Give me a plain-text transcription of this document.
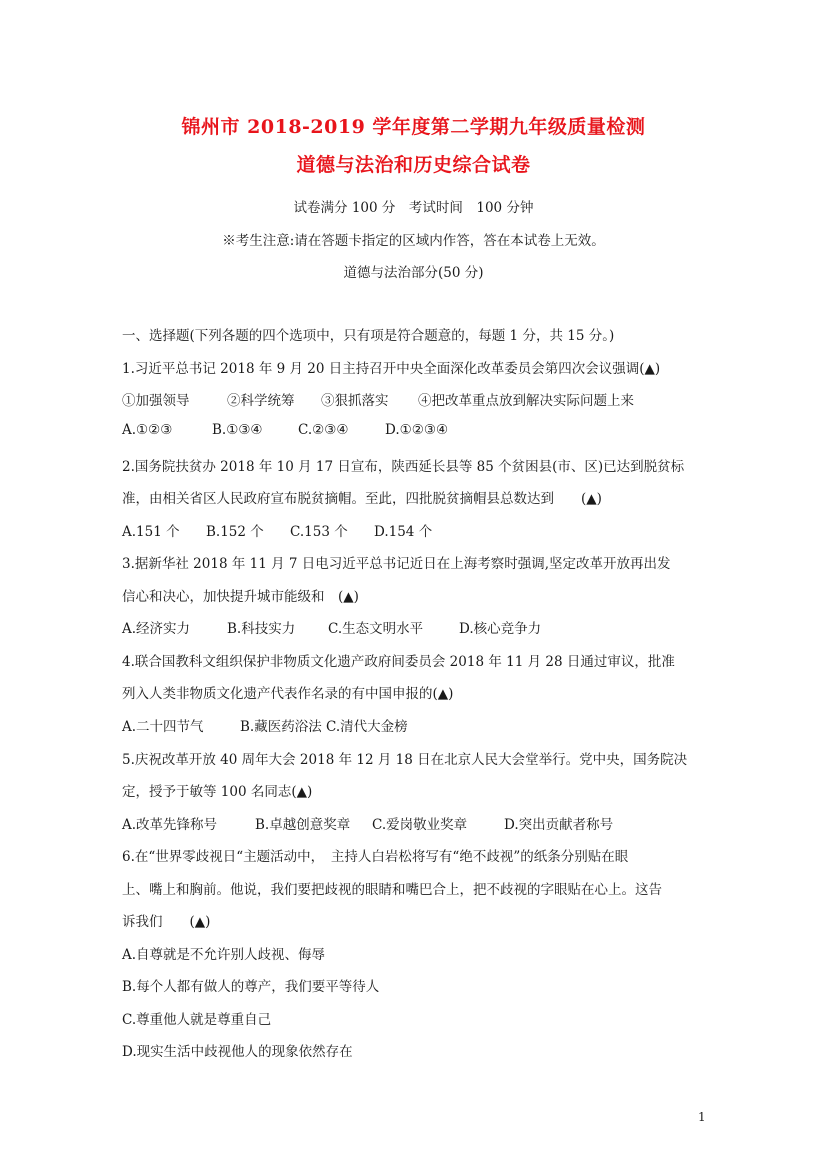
锦州市 2018-2019 学年度第二学期九年级质量检测
道德与法治和历史综合试卷
试卷满分 100 分　考试时间　100 分钟
※考生注意:请在答题卡指定的区域内作答，答在本试卷上无效。
道德与法治部分(50 分)
一、选择题(下列各题的四个选项中，只有项是符合题意的，每题 1 分，共 15 分。)
1.习近平总书记 2018 年 9 月 20 日主持召开中央全面深化改革委员会第四次会议强调(▲)
①加强领导	②科学统筹 ③狠抓落实 ④把改革重点放到解决实际问题上来
A.①②③	B.①③④	C.②③④	D.①②③④
2.国务院扶贫办 2018 年 10 月 17 日宣布，陕西延长县等 85 个贫困县(市、区)已达到脱贫标
准，由相关省区人民政府宣布脱贫摘帽。至此，四批脱贫摘帽县总数达到　　(▲)
A.151 个 B.152 个 C.153 个 D.154 个
3.据新华社 2018 年 11 月 7 日电习近平总书记近日在上海考察时强调,坚定改革开放再出发
信心和决心，加快提升城市能级和　(▲)
A.经济实力	B.科技实力 C.生态文明水平	D.核心竞争力
4.联合国教科文组织保护非物质文化遗产政府间委员会 2018 年 11 月 28 日通过审议，批准
列入人类非物质文化遗产代表作名录的有中国申报的(▲)
A.二十四节气	B.藏医药浴法 C.清代大金榜
5.庆祝改革开放 40 周年大会 2018 年 12 月 18 日在北京人民大会堂举行。党中央，国务院决
定，授予于敏等 100 名同志(▲)
A.改革先锋称号	B.卓越创意奖章 C.爱岗敬业奖章	D.突出贡献者称号
6.在“世界零歧视日“主题活动中，　主持人白岩松将写有“绝不歧视”的纸条分别贴在眼
上、嘴上和胸前。他说，我们要把歧视的眼睛和嘴巴合上，把不歧视的字眼贴在心上。这告
诉我们　　(▲)
A.自尊就是不允许别人歧视、侮辱
B.每个人都有做人的尊产，我们要平等待人
C.尊重他人就是尊重自己
D.现实生活中歧视他人的现象依然存在
1
